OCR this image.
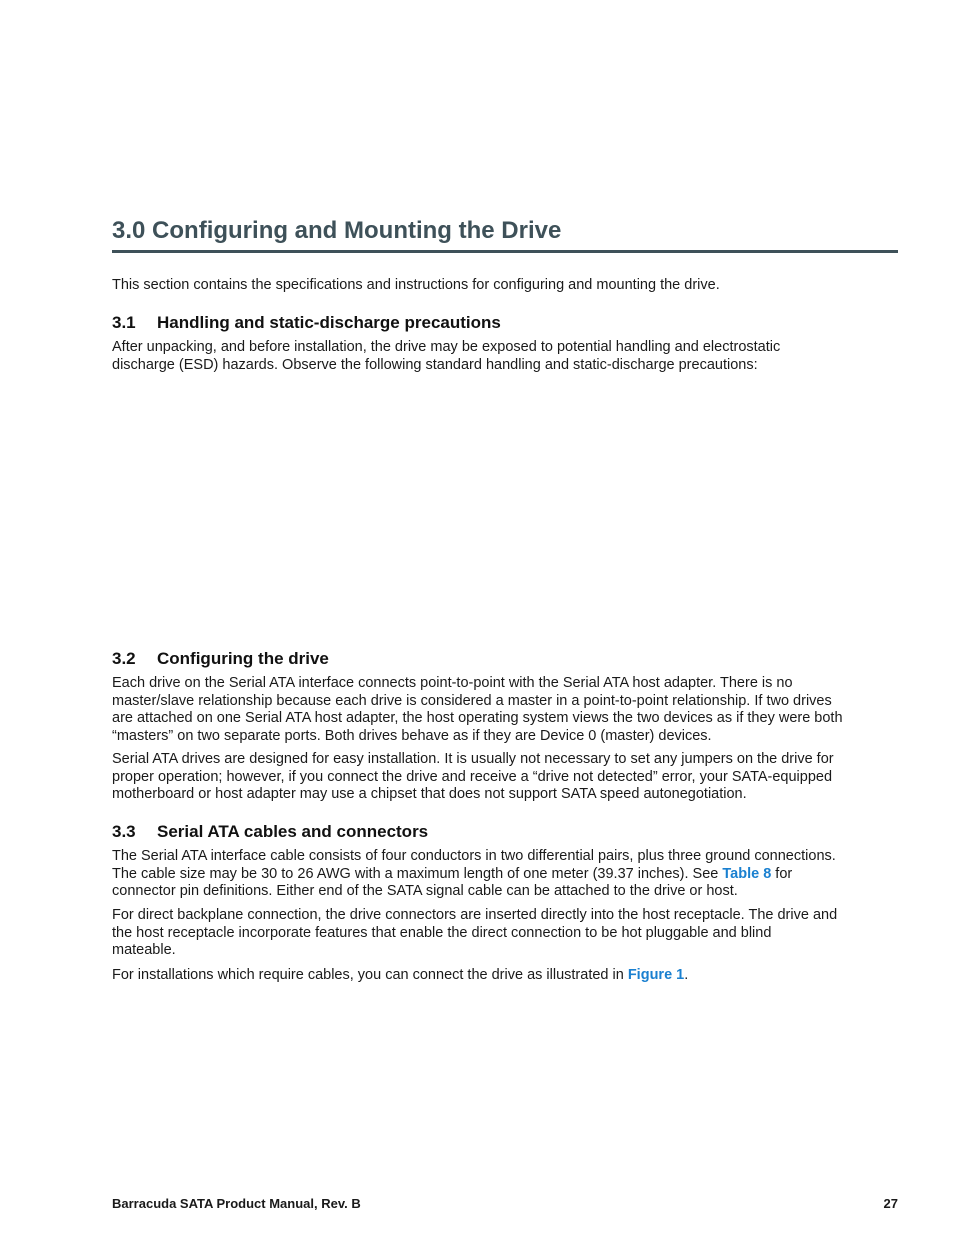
3.0 Configuring and Mounting the Drive

This section contains the specifications and instructions for configuring and mounting the drive.

3.1 Handling and static-discharge precautions

After unpacking, and before installation, the drive may be exposed to potential handling and electrostatic

discharge (ESD) hazards. Observe the following standard handling and static-discharge precautions:

3.2 Configuring the drive

Each drive on the Serial ATA interface connects point-to-point with the Serial ATA host adapter. There is no

master/slave relationship because each drive is considered a master in a point-to-point relationship. If two drives

are attached on one Serial ATA host adapter, the host operating system views the two devices as if they were both

“masters” on two separate ports. Both drives behave as if they are Device 0 (master) devices.

Serial ATA drives are designed for easy installation. It is usually not necessary to set any jumpers on the drive for

proper operation; however, if you connect the drive and receive a “drive not detected” error, your SATA-equipped

motherboard or host adapter may use a chipset that does not support SATA speed autonegotiation.

3.3 Serial ATA cables and connectors

The Serial ATA interface cable consists of four conductors in two differential pairs, plus three ground connections.

The cable size may be 30 to 26 AWG with a maximum length of one meter (39.37 inches). See Table 8 for

connector pin definitions. Either end of the SATA signal cable can be attached to the drive or host.

For direct backplane connection, the drive connectors are inserted directly into the host receptacle. The drive and

the host receptacle incorporate features that enable the direct connection to be hot pluggable and blind

mateable.

For installations which require cables, you can connect the drive as illustrated in Figure 1.

Barracuda SATA Product Manual, Rev. B	27
